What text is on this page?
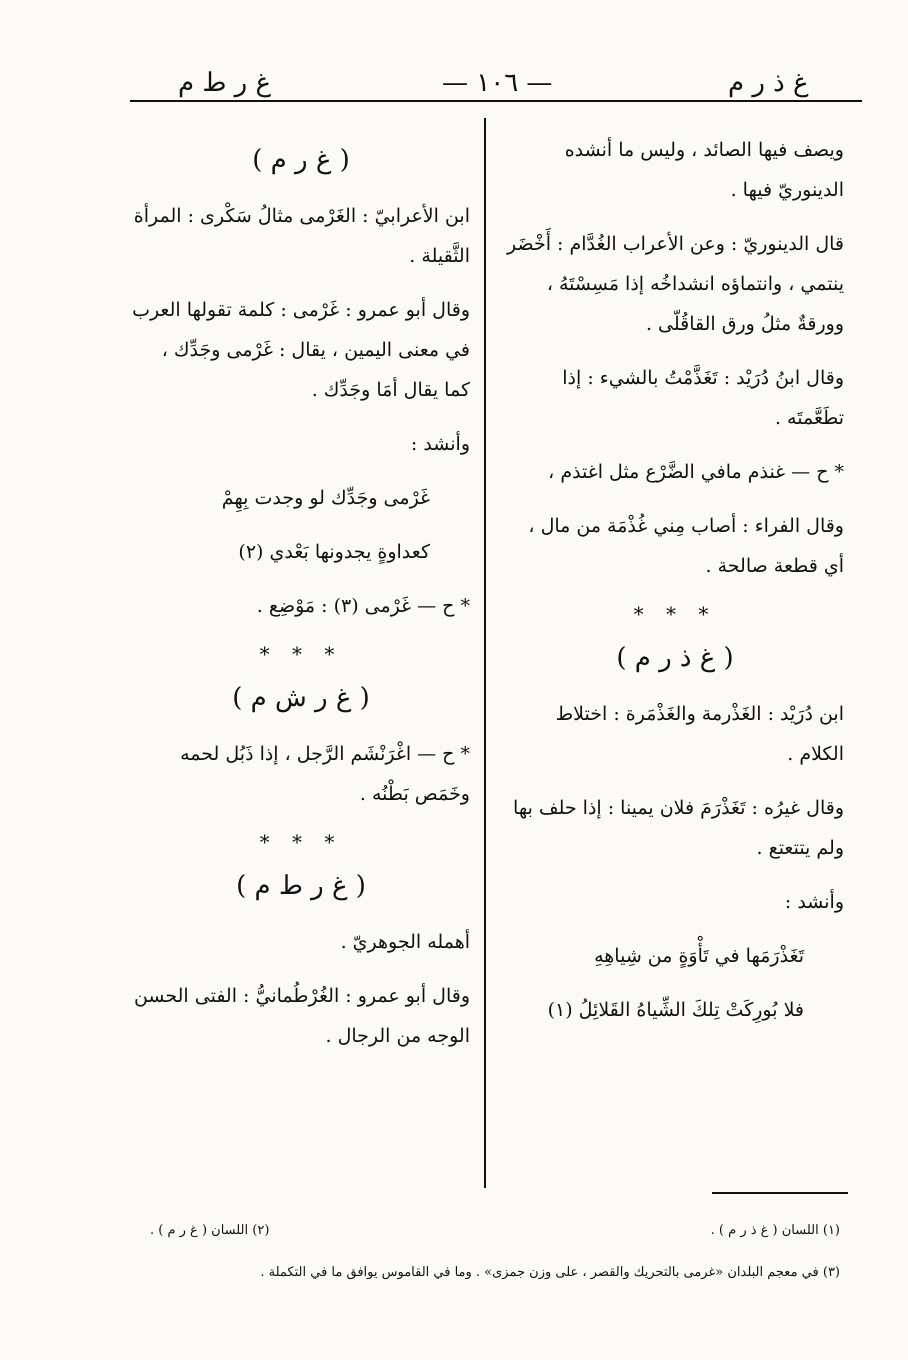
غ ر ط م	— ١٠٦ —	غ ذ ر م

ويصف فيها الصائد ، وليس ما أنشده الدينوريّ فيها .

قال الدينوريّ : وعن الأعراب الغُدَّام : أَخْضَر ينتمي ، وانتماؤه انشداخُه إذا مَسِسْتَهُ ، وورقةٌ مثلُ ورق القاقُلّى .

وقال ابنُ دُرَيْد : تَغَذَّمْتُ بالشيء : إذا تطَعَّمتَه .

* ح — غنذم مافي الضَّرْع مثل اغتذم ،

وقال الفراء : أصاب مِني غُذْمَة من مال ، أي قطعة صالحة .

* * *

( غ ذ ر م )

ابن دُرَيْد : الغَذْرمة والغَذْمَرة : اختلاط الكلام .

وقال غيرُه : تَغَذْرَمَ فلان يمينا : إذا حلف بها ولم يتتعتع .

وأنشد :

تَغَذْرَمَها في تَأْوَةٍ من شِياهِهِ

فلا بُورِكَتْ تِلكَ الشِّياهُ القَلائِلُ (١)

( غ ر م )

ابن الأعرابيّ : الغَرْمى مثالُ سَكْرى : المرأة الثَّقيلة .

وقال أبو عمرو : غَرْمى : كلمة تقولها العرب في معنى اليمين ، يقال : غَرْمى وجَدِّك ، كما يقال أمَا وجَدِّك .

وأنشد :

غَرْمى وجَدِّك لو وجدت بِهِمْ

كعداوةٍ يجدونها بَعْدي (٢)

* ح — غَرْمى (٣) : مَوْضِع .

* * *

( غ ر ش م )

* ح — اغْرَنْشَم الرَّجل ، إذا ذَبُل لحمه وخَمَص بَطْنُه .

* * *

( غ ر ط م )

أهمله الجوهريّ .

وقال أبو عمرو : الغُرْطُمانيُّ : الفتى الحسن الوجه من الرجال .

(١) اللسان ( غ ذ ر م ) .
(٢) اللسان ( غ ر م ) .
(٣) في معجم البلدان «غرمى بالتحريك والقصر ، على وزن جمزى» . وما في القاموس يوافق ما في التكملة .
